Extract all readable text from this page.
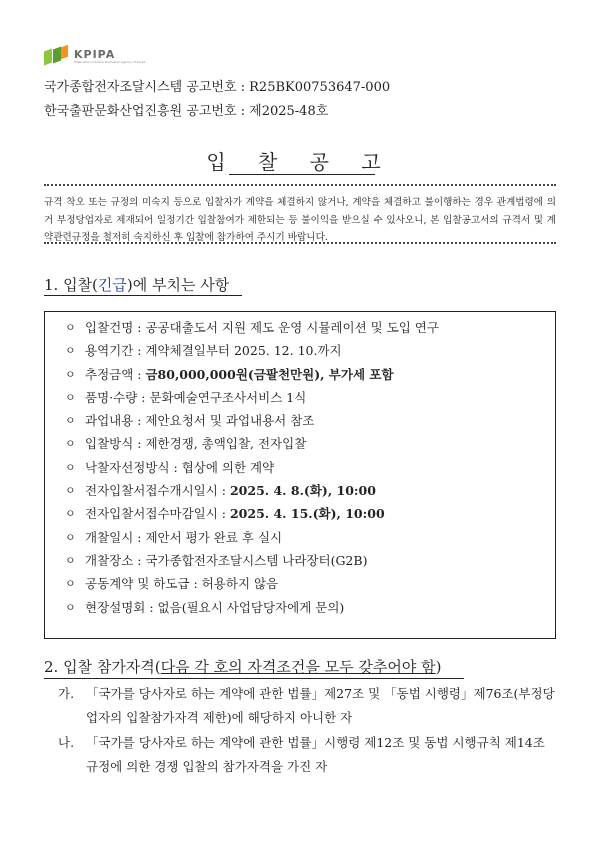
KPIPA
Publication Industry Promotion Agency of Korea
국가종합전자조달시스템 공고번호 : R25BK00753647-000
한국출판문화산업진흥원 공고번호 : 제2025-48호
입 찰 공 고
규격 착오 또는 규정의 미숙지 등으로 입찰자가 계약을 체결하지 않거나, 계약을 체결하고 불이행하는 경우 관계법령에 의거 부정당업자로 제재되어 일정기간 입찰참여가 제한되는 등 불이익을 받으실 수 있사오니, 본 입찰공고서의 규격서 및 계약관련규정을 철저히 숙지하신 후 입찰에 참가하여 주시기 바랍니다.
1. 입찰(긴급)에 부치는 사항
ㅇ 입찰건명 : 공공대출도서 지원 제도 운영 시뮬레이션 및 도입 연구
ㅇ 용역기간 : 계약체결일부터 2025. 12. 10.까지
ㅇ 추정금액 : 금80,000,000원(금팔천만원), 부가세 포함
ㅇ 품명·수량 : 문화예술연구조사서비스 1식
ㅇ 과업내용 : 제안요청서 및 과업내용서 참조
ㅇ 입찰방식 : 제한경쟁, 총액입찰, 전자입찰
ㅇ 낙찰자선정방식 : 협상에 의한 계약
ㅇ 전자입찰서접수개시일시 : 2025. 4. 8.(화), 10:00
ㅇ 전자입찰서접수마감일시 : 2025. 4. 15.(화), 10:00
ㅇ 개찰일시 : 제안서 평가 완료 후 실시
ㅇ 개찰장소 : 국가종합전자조달시스템 나라장터(G2B)
ㅇ 공동계약 및 하도급 : 허용하지 않음
ㅇ 현장설명회 : 없음(필요시 사업담당자에게 문의)
2. 입찰 참가자격(다음 각 호의 자격조건을 모두 갖추어야 함)
가. 「국가를 당사자로 하는 계약에 관한 법률」제27조 및 「동법 시행령」제76조(부정당
업자의 입찰참가자격 제한)에 해당하지 아니한 자
나. 「국가를 당사자로 하는 계약에 관한 법률」시행령 제12조 및 동법 시행규칙 제14조
규정에 의한 경쟁 입찰의 참가자격을 가진 자
